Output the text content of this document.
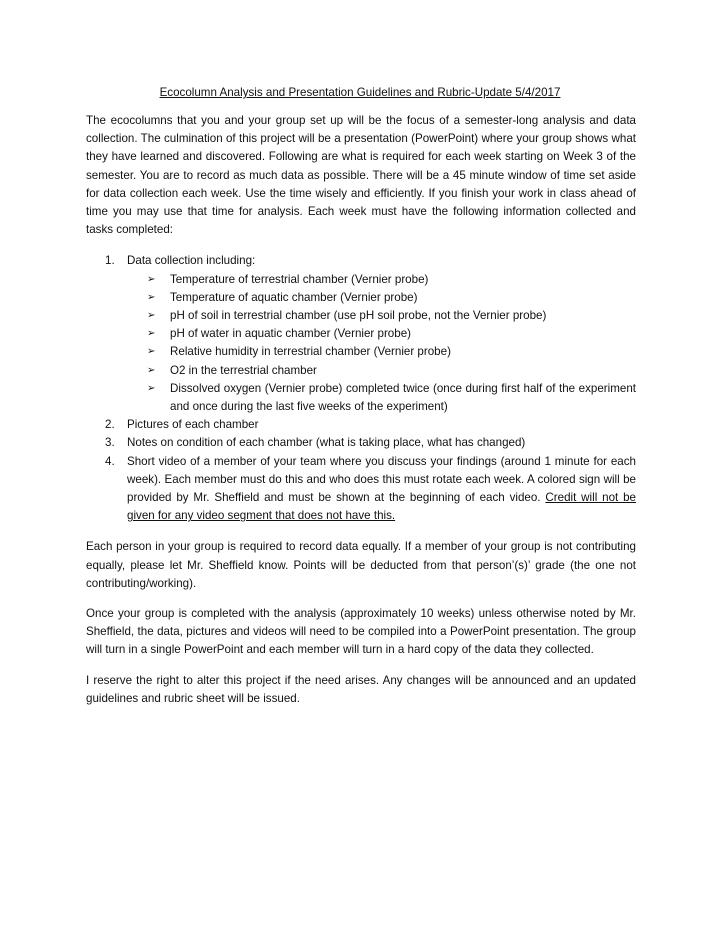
Ecocolumn Analysis and Presentation Guidelines and Rubric-Update 5/4/2017

The ecocolumns that you and your group set up will be the focus of a semester-long analysis and data collection. The culmination of this project will be a presentation (PowerPoint) where your group shows what they have learned and discovered. Following are what is required for each week starting on Week 3 of the semester. You are to record as much data as possible. There will be a 45 minute window of time set aside for data collection each week. Use the time wisely and efficiently. If you finish your work in class ahead of time you may use that time for analysis. Each week must have the following information collected and tasks completed:

1. Data collection including:
➢ Temperature of terrestrial chamber (Vernier probe)
➢ Temperature of aquatic chamber (Vernier probe)
➢ pH of soil in terrestrial chamber (use pH soil probe, not the Vernier probe)
➢ pH of water in aquatic chamber (Vernier probe)
➢ Relative humidity in terrestrial chamber (Vernier probe)
➢ O2 in the terrestrial chamber
➢ Dissolved oxygen (Vernier probe) completed twice (once during first half of the experiment and once during the last five weeks of the experiment)
2. Pictures of each chamber
3. Notes on condition of each chamber (what is taking place, what has changed)
4. Short video of a member of your team where you discuss your findings (around 1 minute for each week). Each member must do this and who does this must rotate each week. A colored sign will be provided by Mr. Sheffield and must be shown at the beginning of each video. Credit will not be given for any video segment that does not have this.

Each person in your group is required to record data equally. If a member of your group is not contributing equally, please let Mr. Sheffield know. Points will be deducted from that person’(s)’ grade (the one not contributing/working).

Once your group is completed with the analysis (approximately 10 weeks) unless otherwise noted by Mr. Sheffield, the data, pictures and videos will need to be compiled into a PowerPoint presentation. The group will turn in a single PowerPoint and each member will turn in a hard copy of the data they collected.

I reserve the right to alter this project if the need arises. Any changes will be announced and an updated guidelines and rubric sheet will be issued.
